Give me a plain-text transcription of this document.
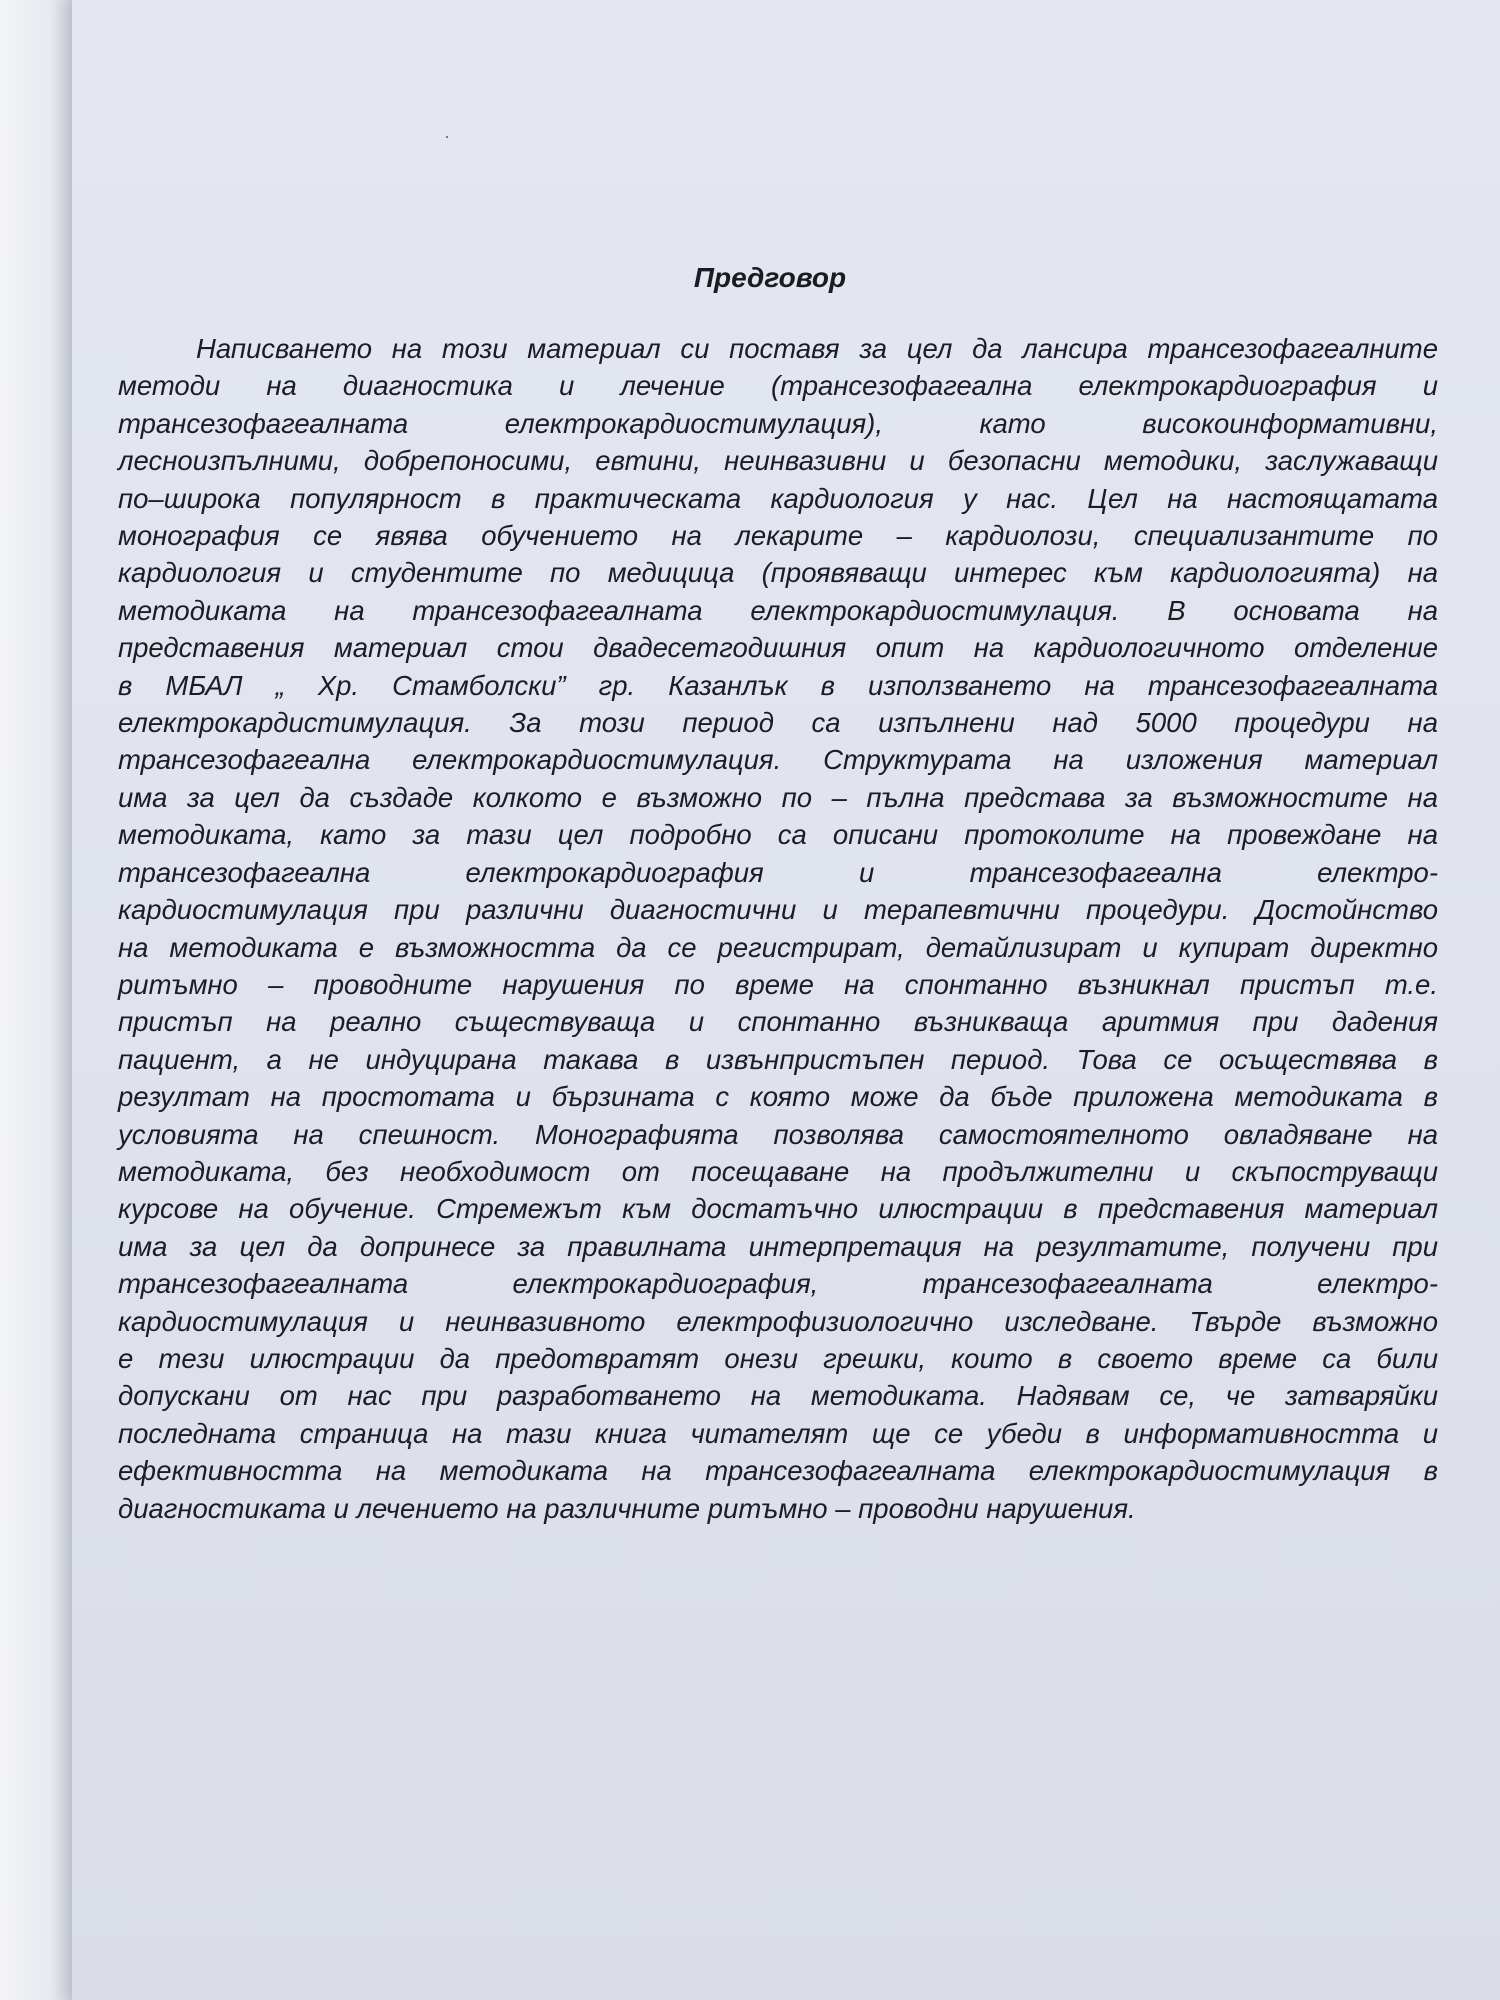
Предговор
Написването на този материал си поставя за цел да лансира трансезофагеалните
методи на диагностика и лечение (трансезофагеална електрокардиография и
трансезофагеалната електрокардиостимулация), като високоинформативни,
лесноизпълними, добрепоносими, евтини, неинвазивни и безопасни методики, заслужаващи
по–широка популярност в практическата кардиология у нас. Цел на настоящатата
монография се явява обучението на лекарите – кардиолози, специализантите по
кардиология и студентите по медицица (проявяващи интерес към кардиологията) на
методиката на трансезофагеалната електрокардиостимулация. В основата на
представения материал стои двадесетгодишния опит на кардиологичното отделение
в МБАЛ „ Хр. Стамболски” гр. Казанлък в използването на трансезофагеалната
електрокардистимулация. За този период са изпълнени над 5000 процедури на
трансезофагеална електрокардиостимулация. Структурата на изложения материал
има за цел да създаде колкото е възможно по – пълна представа за възможностите на
методиката, като за тази цел подробно са описани протоколите на провеждане на
трансезофагеална електрокардиография и трансезофагеална електро-
кардиостимулация при различни диагностични и терапевтични процедури. Достойнство
на методиката е възможността да се регистрират, детайлизират и купират директно
ритъмно – проводните нарушения по време на спонтанно възникнал пристъп т.е.
пристъп на реално съществуваща и спонтанно възникваща аритмия при дадения
пациент, а не индуцирана такава в извънпристъпен период. Това се осъществява в
резултат на простотата и бързината с която може да бъде приложена методиката в
условията на спешност. Монографията позволява самостоятелното овладяване на
методиката, без необходимост от посещаване на продължителни и скъпоструващи
курсове на обучение. Стремежът към достатъчно илюстрации в представения материал
има за цел да допринесе за правилната интерпретация на резултатите, получени при
трансезофагеалната електрокардиография, трансезофагеалната електро-
кардиостимулация и неинвазивното електрофизиологично изследване. Твърде възможно
е тези илюстрации да предотвратят онези грешки, които в своето време са били
допускани от нас при разработването на методиката. Надявам се, че затваряйки
последната страница на тази книга читателят ще се убеди в информативността и
ефективността на методиката на трансезофагеалната електрокардиостимулация в
диагностиката и лечението на различните ритъмно – проводни нарушения.
